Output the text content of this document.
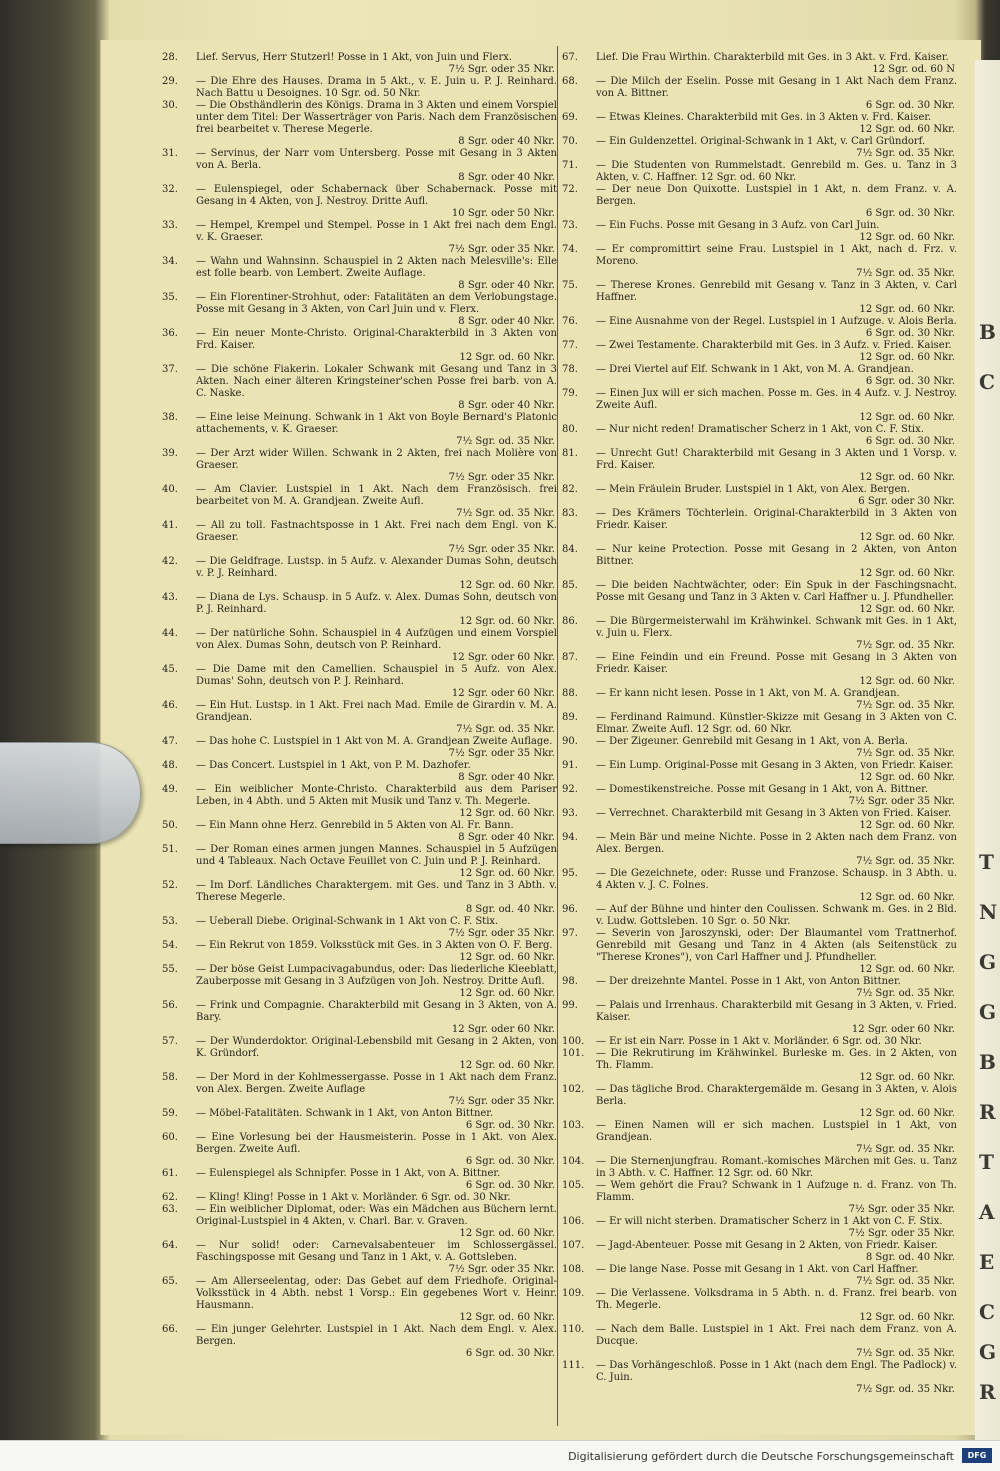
B
C
T
N
G
G
B
R
T
A
E
C
G
R
28.	Lief. Servus, Herr Stutzerl! Posse in 1 Akt, von Juin und Flerx.
7½ Sgr. oder 35 Nkr.
29.	— Die Ehre des Hauses. Drama in 5 Akt., v. E. Juin u. P. J. Reinhard. Nach Battu u Desoignes. 10 Sgr. od. 50 Nkr.
30.	— Die Obsthändlerin des Königs. Drama in 3 Akten und einem Vorspiel unter dem Titel: Der Wasserträger von Paris. Nach dem Französischen frei bearbeitet v. Therese Megerle.
8 Sgr. oder 40 Nkr.
31.	— Servinus, der Narr vom Untersberg. Posse mit Gesang in 3 Akten von A. Berla.
8 Sgr. oder 40 Nkr.
32.	— Eulenspiegel, oder Schabernack über Schabernack. Posse mit Gesang in 4 Akten, von J. Nestroy. Dritte Aufl.
10 Sgr. oder 50 Nkr.
33.	— Hempel, Krempel und Stempel. Posse in 1 Akt frei nach dem Engl. v. K. Graeser.
7½ Sgr. oder 35 Nkr.
34.	— Wahn und Wahnsinn. Schauspiel in 2 Akten nach Melesville's: Elle est folle bearb. von Lembert. Zweite Auflage.
8 Sgr. oder 40 Nkr.
35.	— Ein Florentiner-Strohhut, oder: Fatalitäten an dem Verlobungstage. Posse mit Gesang in 3 Akten, von Carl Juin und v. Flerx.
8 Sgr. oder 40 Nkr.
36.	— Ein neuer Monte-Christo. Original-Charakterbild in 3 Akten von Frd. Kaiser.
12 Sgr. od. 60 Nkr.
37.	— Die schöne Fiakerin. Lokaler Schwank mit Gesang und Tanz in 3 Akten. Nach einer älteren Kringsteiner'schen Posse frei barb. von A. C. Naske.
8 Sgr. oder 40 Nkr.
38.	— Eine leise Meinung. Schwank in 1 Akt von Boyle Bernard's Platonic attachements, v. K. Graeser.
7½ Sgr. od. 35 Nkr.
39.	— Der Arzt wider Willen. Schwank in 2 Akten, frei nach Molière von Graeser.
7½ Sgr. oder 35 Nkr.
40.	— Am Clavier. Lustspiel in 1 Akt. Nach dem Französisch. frei bearbeitet von M. A. Grandjean. Zweite Aufl.
7½ Sgr. od. 35 Nkr.
41.	— All zu toll. Fastnachtsposse in 1 Akt. Frei nach dem Engl. von K. Graeser.
7½ Sgr. oder 35 Nkr.
42.	— Die Geldfrage. Lustsp. in 5 Aufz. v. Alexander Dumas Sohn, deutsch v. P. J. Reinhard.
12 Sgr. od. 60 Nkr.
43.	— Diana de Lys. Schausp. in 5 Aufz. v. Alex. Dumas Sohn, deutsch von P. J. Reinhard.
12 Sgr. od. 60 Nkr.
44.	— Der natürliche Sohn. Schauspiel in 4 Aufzügen und einem Vorspiel von Alex. Dumas Sohn, deutsch von P. Reinhard.
12 Sgr. oder 60 Nkr.
45.	— Die Dame mit den Camellien. Schauspiel in 5 Aufz. von Alex. Dumas' Sohn, deutsch von P. J. Reinhard.
12 Sgr. oder 60 Nkr.
46.	— Ein Hut. Lustsp. in 1 Akt. Frei nach Mad. Emile de Girardin v. M. A. Grandjean.
7½ Sgr. od. 35 Nkr.
47.	— Das hohe C. Lustspiel in 1 Akt von M. A. Grandjean Zweite Auflage.
7½ Sgr. oder 35 Nkr.
48.	— Das Concert. Lustspiel in 1 Akt, von P. M. Dazhofer.
8 Sgr. oder 40 Nkr.
49.	— Ein weiblicher Monte-Christo. Charakterbild aus dem Pariser Leben, in 4 Abth. und 5 Akten mit Musik und Tanz v. Th. Megerle.
12 Sgr. od. 60 Nkr.
50.	— Ein Mann ohne Herz. Genrebild in 5 Akten von Al. Fr. Bann.
8 Sgr. oder 40 Nkr.
51.	— Der Roman eines armen jungen Mannes. Schauspiel in 5 Aufzügen und 4 Tableaux. Nach Octave Feuillet von C. Juin und P. J. Reinhard.
12 Sgr. od. 60 Nkr.
52.	— Im Dorf. Ländliches Charaktergem. mit Ges. und Tanz in 3 Abth. v. Therese Megerle.
8 Sgr. od. 40 Nkr.
53.	— Ueberall Diebe. Original-Schwank in 1 Akt von C. F. Stix.
7½ Sgr. oder 35 Nkr.
54.	— Ein Rekrut von 1859. Volksstück mit Ges. in 3 Akten von O. F. Berg.
12 Sgr. od. 60 Nkr.
55.	— Der böse Geist Lumpacivagabundus, oder: Das liederliche Kleeblatt, Zauberposse mit Gesang in 3 Aufzügen von Joh. Nestroy. Dritte Aufl.
12 Sgr. od. 60 Nkr.
56.	— Frink und Compagnie. Charakterbild mit Gesang in 3 Akten, von A. Bary.
12 Sgr. oder 60 Nkr.
57.	— Der Wunderdoktor. Original-Lebensbild mit Gesang in 2 Akten, von K. Gründorf.
12 Sgr. od. 60 Nkr.
58.	— Der Mord in der Kohlmessergasse. Posse in 1 Akt nach dem Franz. von Alex. Bergen. Zweite Auflage
7½ Sgr. oder 35 Nkr.
59.	— Möbel-Fatalitäten. Schwank in 1 Akt, von Anton Bittner.
6 Sgr. od. 30 Nkr.
60.	— Eine Vorlesung bei der Hausmeisterin. Posse in 1 Akt. von Alex. Bergen. Zweite Aufl.
6 Sgr. od. 30 Nkr.
61.	— Eulenspiegel als Schnipfer. Posse in 1 Akt, von A. Bittner.
6 Sgr. od. 30 Nkr.
62.	— Kling! Kling! Posse in 1 Akt v. Morländer. 6 Sgr. od. 30 Nkr.
63.	— Ein weiblicher Diplomat, oder: Was ein Mädchen aus Büchern lernt. Original-Lustspiel in 4 Akten, v. Charl. Bar. v. Graven.
12 Sgr. od. 60 Nkr.
64.	— Nur solid! oder: Carnevalsabenteuer im Schlossergässel. Faschingsposse mit Gesang und Tanz in 1 Akt, v. A. Gottsleben.
7½ Sgr. oder 35 Nkr.
65.	— Am Allerseelentag, oder: Das Gebet auf dem Friedhofe. Original-Volksstück in 4 Abth. nebst 1 Vorsp.: Ein gegebenes Wort v. Heinr. Hausmann.
12 Sgr. od. 60 Nkr.
66.	— Ein junger Gelehrter. Lustspiel in 1 Akt. Nach dem Engl. v. Alex. Bergen.
6 Sgr. od. 30 Nkr.
67.	Lief. Die Frau Wirthin. Charakterbild mit Ges. in 3 Akt. v. Frd. Kaiser.
12 Sgr. od. 60 N
68.	— Die Milch der Eselin. Posse mit Gesang in 1 Akt Nach dem Franz. von A. Bittner.
6 Sgr. od. 30 Nkr.
69.	— Etwas Kleines. Charakterbild mit Ges. in 3 Akten v. Frd. Kaiser.
12 Sgr. od. 60 Nkr.
70.	— Ein Guldenzettel. Original-Schwank in 1 Akt, v. Carl Gründorf.
7½ Sgr. od. 35 Nkr.
71.	— Die Studenten von Rummelstadt. Genrebild m. Ges. u. Tanz in 3 Akten, v. C. Haffner. 12 Sgr. od. 60 Nkr.
72.	— Der neue Don Quixotte. Lustspiel in 1 Akt, n. dem Franz. v. A. Bergen.
6 Sgr. od. 30 Nkr.
73.	— Ein Fuchs. Posse mit Gesang in 3 Aufz. von Carl Juin.
12 Sgr. od. 60 Nkr.
74.	— Er compromittirt seine Frau. Lustspiel in 1 Akt, nach d. Frz. v. Moreno.
7½ Sgr. od. 35 Nkr.
75.	— Therese Krones. Genrebild mit Gesang v. Tanz in 3 Akten, v. Carl Haffner.
12 Sgr. od. 60 Nkr.
76.	— Eine Ausnahme von der Regel. Lustspiel in 1 Aufzuge. v. Alois Berla.
6 Sgr. od. 30 Nkr.
77.	— Zwei Testamente. Charakterbild mit Ges. in 3 Aufz. v. Fried. Kaiser.
12 Sgr. od. 60 Nkr.
78.	— Drei Viertel auf Elf. Schwank in 1 Akt, von M. A. Grandjean.
6 Sgr. od. 30 Nkr.
79.	— Einen Jux will er sich machen. Posse m. Ges. in 4 Aufz. v. J. Nestroy. Zweite Aufl.
12 Sgr. od. 60 Nkr.
80.	— Nur nicht reden! Dramatischer Scherz in 1 Akt, von C. F. Stix.
6 Sgr. od. 30 Nkr.
81.	— Unrecht Gut! Charakterbild mit Gesang in 3 Akten und 1 Vorsp. v. Frd. Kaiser.
12 Sgr. od. 60 Nkr.
82.	— Mein Fräulein Bruder. Lustspiel in 1 Akt, von Alex. Bergen.
6 Sgr. oder 30 Nkr.
83.	— Des Krämers Töchterlein. Original-Charakterbild in 3 Akten von Friedr. Kaiser.
12 Sgr. od. 60 Nkr.
84.	— Nur keine Protection. Posse mit Gesang in 2 Akten, von Anton Bittner.
12 Sgr. od. 60 Nkr.
85.	— Die beiden Nachtwächter, oder: Ein Spuk in der Faschingsnacht. Posse mit Gesang und Tanz in 3 Akten v. Carl Haffner u. J. Pfundheller.
12 Sgr. od. 60 Nkr.
86.	— Die Bürgermeisterwahl im Krähwinkel. Schwank mit Ges. in 1 Akt, v. Juin u. Flerx.
7½ Sgr. od. 35 Nkr.
87.	— Eine Feindin und ein Freund. Posse mit Gesang in 3 Akten von Friedr. Kaiser.
12 Sgr. od. 60 Nkr.
88.	— Er kann nicht lesen. Posse in 1 Akt, von M. A. Grandjean.
7½ Sgr. od. 35 Nkr.
89.	— Ferdinand Raimund. Künstler-Skizze mit Gesang in 3 Akten von C. Elmar. Zweite Aufl. 12 Sgr. od. 60 Nkr.
90.	— Der Zigeuner. Genrebild mit Gesang in 1 Akt, von A. Berla.
7½ Sgr. od. 35 Nkr.
91.	— Ein Lump. Original-Posse mit Gesang in 3 Akten, von Friedr. Kaiser.
12 Sgr. od. 60 Nkr.
92.	— Domestikenstreiche. Posse mit Gesang in 1 Akt, von A. Bittner.
7½ Sgr. oder 35 Nkr.
93.	— Verrechnet. Charakterbild mit Gesang in 3 Akten von Fried. Kaiser.
12 Sgr. od. 60 Nkr.
94.	— Mein Bär und meine Nichte. Posse in 2 Akten nach dem Franz. von Alex. Bergen.
7½ Sgr. od. 35 Nkr.
95.	— Die Gezeichnete, oder: Russe und Franzose. Schausp. in 3 Abth. u. 4 Akten v. J. C. Folnes.
12 Sgr. od. 60 Nkr.
96.	— Auf der Bühne und hinter den Coulissen. Schwank m. Ges. in 2 Bld. v. Ludw. Gottsleben. 10 Sgr. o. 50 Nkr.
97.	— Severin von Jaroszynski, oder: Der Blaumantel vom Trattnerhof. Genrebild mit Gesang und Tanz in 4 Akten (als Seitenstück zu "Therese Krones"), von Carl Haffner und J. Pfundheller.
12 Sgr. od. 60 Nkr.
98.	— Der dreizehnte Mantel. Posse in 1 Akt, von Anton Bittner.
7½ Sgr. od. 35 Nkr.
99.	— Palais und Irrenhaus. Charakterbild mit Gesang in 3 Akten, v. Fried. Kaiser.
12 Sgr. oder 60 Nkr.
100.	— Er ist ein Narr. Posse in 1 Akt v. Morländer. 6 Sgr. od. 30 Nkr.
101.	— Die Rekrutirung im Krähwinkel. Burleske m. Ges. in 2 Akten, von Th. Flamm.
12 Sgr. od. 60 Nkr.
102.	— Das tägliche Brod. Charaktergemälde m. Gesang in 3 Akten, v. Alois Berla.
12 Sgr. od. 60 Nkr.
103.	— Einen Namen will er sich machen. Lustspiel in 1 Akt, von Grandjean.
7½ Sgr. od. 35 Nkr.
104.	— Die Sternenjungfrau. Romant.-komisches Märchen mit Ges. u. Tanz in 3 Abth. v. C. Haffner. 12 Sgr. od. 60 Nkr.
105.	— Wem gehört die Frau? Schwank in 1 Aufzuge n. d. Franz. von Th. Flamm.
7½ Sgr. oder 35 Nkr.
106.	— Er will nicht sterben. Dramatischer Scherz in 1 Akt von C. F. Stix.
7½ Sgr. oder 35 Nkr.
107.	— Jagd-Abenteuer. Posse mit Gesang in 2 Akten, von Friedr. Kaiser.
8 Sgr. od. 40 Nkr.
108.	— Die lange Nase. Posse mit Gesang in 1 Akt. von Carl Haffner.
7½ Sgr. od. 35 Nkr.
109.	— Die Verlassene. Volksdrama in 5 Abth. n. d. Franz. frei bearb. von Th. Megerle.
12 Sgr. od. 60 Nkr.
110.	— Nach dem Balle. Lustspiel in 1 Akt. Frei nach dem Franz. von A. Ducque.
7½ Sgr. od. 35 Nkr.
111.	— Das Vorhängeschloß. Posse in 1 Akt (nach dem Engl. The Padlock) v. C. Juin.
7½ Sgr. od. 35 Nkr.
Digitalisierung gefördert durch die Deutsche Forschungsgemeinschaft	DFG
